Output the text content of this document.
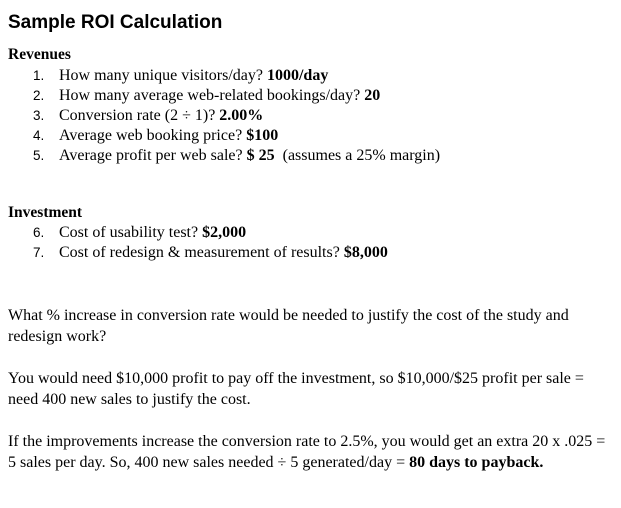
Sample ROI Calculation
Revenues
1. How many unique visitors/day? 1000/day
2. How many average web-related bookings/day? 20
3. Conversion rate (2 ÷ 1)? 2.00%
4. Average web booking price? $100
5. Average profit per web sale? $ 25  (assumes a 25% margin)
Investment
6. Cost of usability test? $2,000
7. Cost of redesign & measurement of results? $8,000

What % increase in conversion rate would be needed to justify the cost of the study and redesign work?

You would need $10,000 profit to pay off the investment, so $10,000/$25 profit per sale = need 400 new sales to justify the cost.

If the improvements increase the conversion rate to 2.5%, you would get an extra 20 x .025 = 5 sales per day. So, 400 new sales needed ÷ 5 generated/day = 80 days to payback.
